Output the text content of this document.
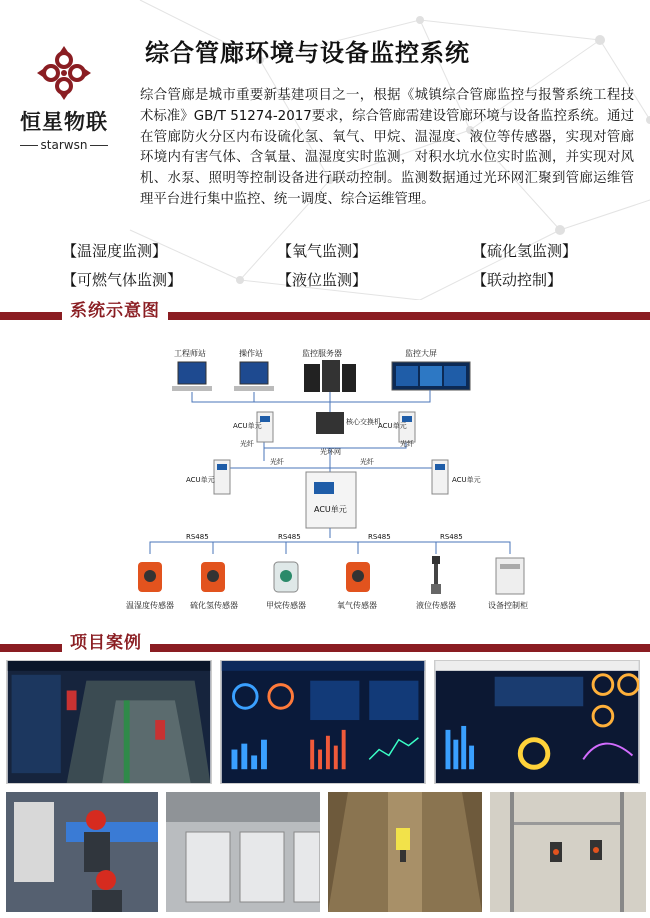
恒星物联
starwsn
综合管廊环境与设备监控系统

综合管廊是城市重要新基建项目之一，根据《城镇综合管廊监控与报警系统工程技术标准》GB/T 51274-2017要求，综合管廊需建设管廊环境与设备监控系统。通过在管廊防火分区内布设硫化氢、氧气、甲烷、温湿度、液位等传感器，实现对管廊环境内有害气体、含氧量、温湿度实时监测，对积水坑水位实时监测，并实现对风机、水泵、照明等控制设备进行联动控制。监测数据通过光环网汇聚到管廊运维管理平台进行集中监控、统一调度、综合运维管理。

【温湿度监测】	【氧气监测】	【硫化氢监测】
【可燃气体监测】	【液位监测】	【联动控制】
系统示意图
工程师站	操作站	监控服务器	监控大屏
ACU单元	核心交换机
ACU单元
光纤	光纤
光纤	光纤
光环网
ACU单元	ACU单元
ACU单元
RS485	RS485	RS485	RS485
温湿度传感器 硫化氢传感器	甲烷传感器	氧气传感器	液位传感器	设备控制柜
项目案例
